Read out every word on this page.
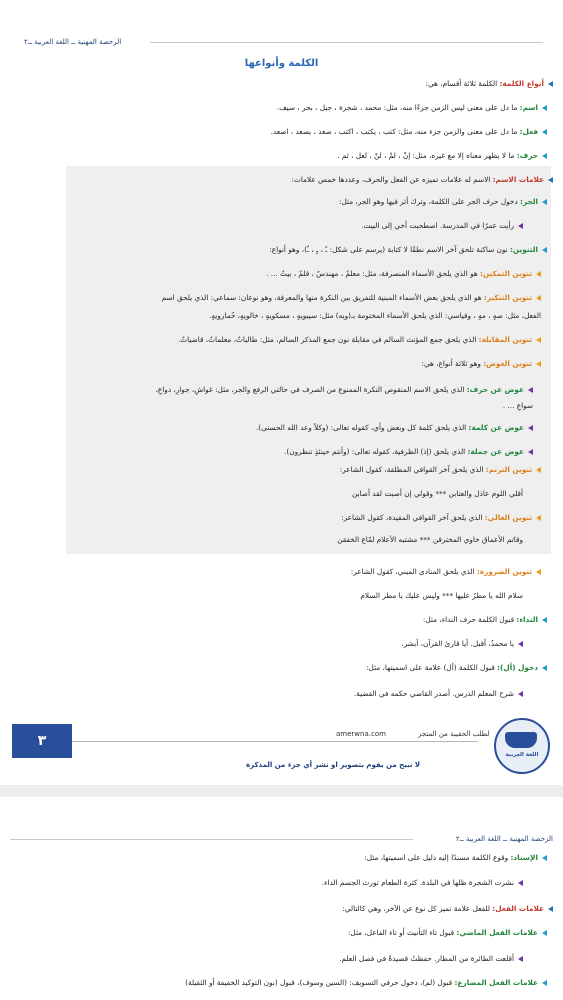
الرخصة المهنية ــ اللغة العربية ــ٢
الكلمة وأنواعها
أنواع الكلمة: الكلمة ثلاثة أقسام، هي:
اسم: ما دل على معنى ليس الزمن جزءًا منه، مثل: محمد ، شجرة ، جبل ، بحر ، سيف.
فعل: ما دل على معنى والزمن جزء منه، مثل: كتب ، يكتب ، اكتب ، صعد ، يصعد ، اصعد.
حرف: ما لا يظهر معناه إلا مع غيره، مثل: إنْ ، لمْ ، لنْ ، لعل ، ثم .
علامات الاسم: الاسم له علامات تميزه عن الفعل والحرف، وعددها خمس علامات:
الجر: دخول حرف الجر على الكلمة، وترك أثر فيها وهو الجر، مثل:
رأيت عمرًا في المدرسة. اصطحبت أخي إلى البيت.
التنوين: نون ساكنة تلحق آخر الاسم نطقًا لا كتابة (يرسم على شكل: ـً ، ـٍ ، ـٌ)، وهو أنواع:
تنوين التمكين: هو الذي يلحق الأسماء المنصرفة، مثل: معلمٌ ، مهندسٌ ، قلمٌ ، بيتٌ ... .
تنوين التنكير: هو الذي يلحق بعض الأسماء المبنية للتفريق بين النكرة منها والمعرفة، وهو نوعان: سماعي: الذي يلحق اسم
الفعل، مثل: صهٍ ، مهٍ ، وقياسي: الذي يلحق الأسماء المختومة بـ(ويه) مثل: سيبويهٍ ، مسكويهٍ ، خالويهٍ، حُمارويهٍ.
تنوين المقابلة: الذي يلحق جمع المؤنث السالم في مقابلة نون جمع المذكر السالم، مثل: طالباتٌ، معلماتٌ، قاضياتٌ.
تنوين العوض: وهو ثلاثة أنواع، هي:
عوض عن حرف: الذي يلحق الاسم المنقوص النكرة الممنوع من الصرف في حالتي الرفع والجر، مثل: غواشٍ، جوارٍ، دواعٍ،
سواعٍ ... .
عوض عن كلمة: الذي يلحق كلمة كل وبعض وأي، كقوله تعالى: (وكلاً وعد الله الحسنى).
عوض عن جملة: الذي يلحق (إذ) الظرفية، كقوله تعالى: (وأنتم حينئذٍ تنظرون).
تنوين الترنم: الذي يلحق آخر القوافي المطلقة، كقول الشاعر:
أقلي اللوم عاذل والعتابن *** وقولي إن أصبت لقد أصابن
تنوين الغالي: الذي يلحق آخر القوافي المقيدة، كقول الشاعر:
وقاتم الأعماق خاوي المخترقن *** مشتبه الأعلام لمّاع الخفقن
تنوين الضرورة: الذي يلحق المنادى المبني، كقول الشاعر:
سلام الله يا مطرٌ عليها *** وليس عليك يا مطر السلام
النداء: قبول الكلمة حرف النداء، مثل:
يا محمدُ، أقبل. أيا قارئ القرآن، أبشر.
دخول (أل): قبول الكلمة (أل) علامة على اسميتها، مثل:
شرح المعلم الدرس. أصدر القاضي حكمه في القضية.
٣	لطلب الحقيبة من المتجر
amerwna.com
اللغة العربية
لا نبيح من يقوم بتصوير او نشر أي جزء من المذكرة
الرخصة المهنية ــ اللغة العربية ــ٢
الإسناد: وقوع الكلمة مسندًا إليه دليل على اسميتها، مثل:
نشرت الشجرة ظلها في البلدة. كثرة الطعام تورث الجسم الداء.
علامات الفعل: للفعل علامة تميز كل نوع عن الآخر، وهي كالتالي:
علامات الفعل الماضي: قبول تاء التأنيث أو تاء الفاعل، مثل:
أقلعت الطائرة من المطار. حفظتُ قصيدةً في فصل العلم.
علامات الفعل المضارع: قبول (لم)، دخول حرفي التسويف: (السين وسوف)، قبول (نون التوكيد الخفيفة أو الثقيلة)
